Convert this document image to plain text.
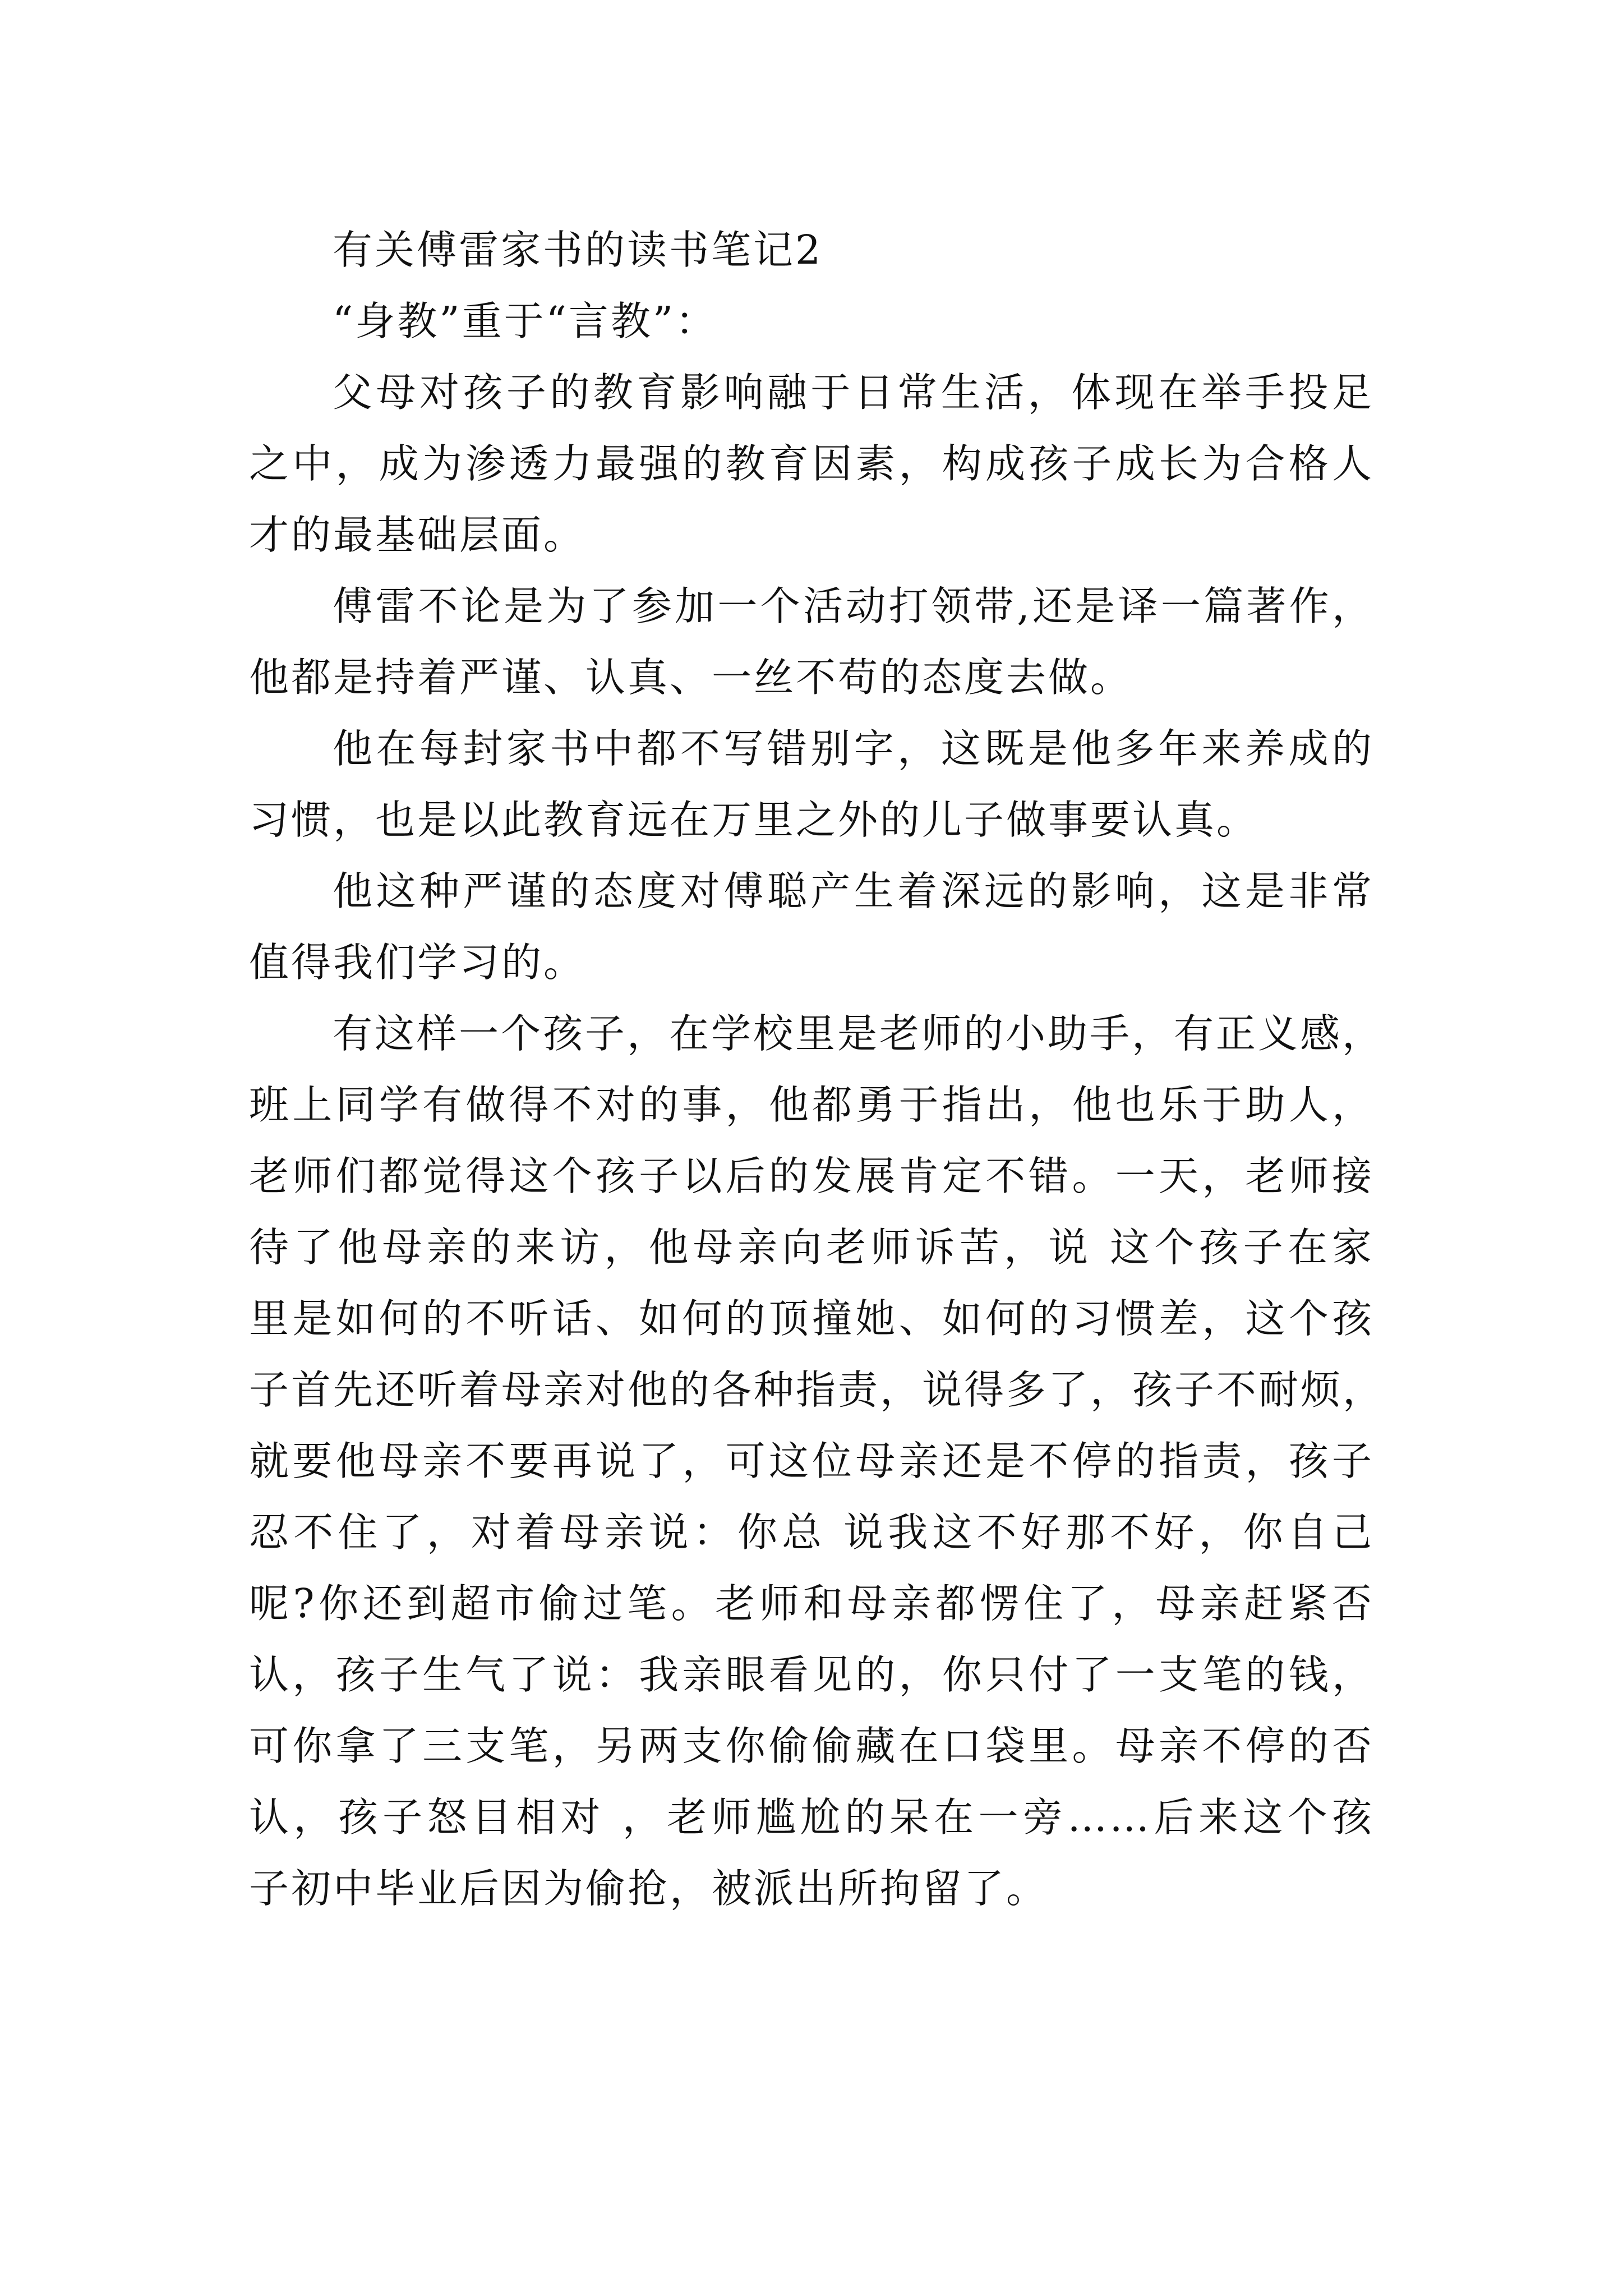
有关傅雷家书的读书笔记2
“身教”重于“言教”：
父母对孩子的教育影响融于日常生活，体现在举手投足
之中，成为渗透力最强的教育因素，构成孩子成长为合格人
才的最基础层面。
傅雷不论是为了参加一个活动打领带,还是译一篇著作，
他都是持着严谨、认真、一丝不苟的态度去做。
他在每封家书中都不写错别字，这既是他多年来养成的
习惯，也是以此教育远在万里之外的儿子做事要认真。
他这种严谨的态度对傅聪产生着深远的影响，这是非常
值得我们学习的。
有这样一个孩子，在学校里是老师的小助手，有正义感，
班上同学有做得不对的事，他都勇于指出，他也乐于助人，
老师们都觉得这个孩子以后的发展肯定不错。一天，老师接
待了他母亲的来访，他母亲向老师诉苦，说 这个孩子在家
里是如何的不听话、如何的顶撞她、如何的习惯差，这个孩
子首先还听着母亲对他的各种指责，说得多了，孩子不耐烦，
就要他母亲不要再说了，可这位母亲还是不停的指责，孩子
忍不住了，对着母亲说：你总 说我这不好那不好，你自己
呢?你还到超市偷过笔。老师和母亲都愣住了，母亲赶紧否
认，孩子生气了说：我亲眼看见的，你只付了一支笔的钱，
可你拿了三支笔，另两支你偷偷藏在口袋里。母亲不停的否
认，孩子怒目相对 ，老师尴尬的呆在一旁……后来这个孩
子初中毕业后因为偷抢，被派出所拘留了。
